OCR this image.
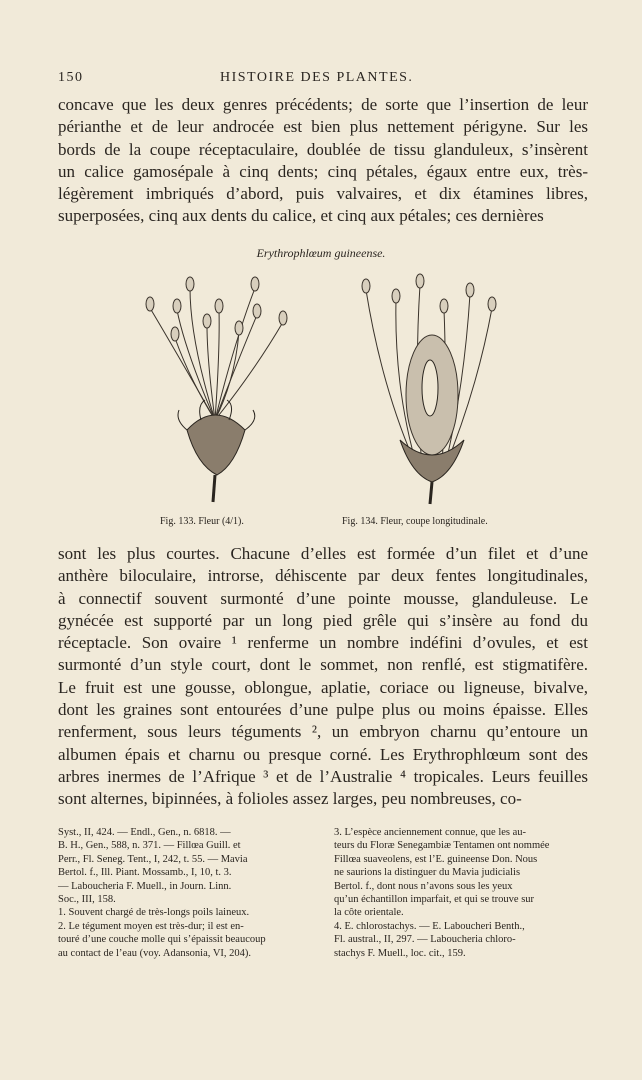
150	HISTOIRE DES PLANTES.
concave que les deux genres précédents; de sorte que l’insertion de leur
périanthe et de leur androcée est bien plus nettement périgyne. Sur les
bords de la coupe réceptaculaire, doublée de tissu glanduleux, s’insèrent
un calice gamosépale à cinq dents; cinq pétales, égaux entre eux, très-
légèrement imbriqués d’abord, puis valvaires, et dix étamines libres,
superposées, cinq aux dents du calice, et cinq aux pétales; ces dernières
Erythrophlœum guineense.
Fig. 133. Fleur (4/1).	Fig. 134. Fleur, coupe longitudinale.
sont les plus courtes. Chacune d’elles est formée d’un filet et d’une
anthère biloculaire, introrse, déhiscente par deux fentes longitudinales,
à connectif souvent surmonté d’une pointe mousse, glanduleuse. Le
gynécée est supporté par un long pied grêle qui s’insère au fond du
réceptacle. Son ovaire ¹ renferme un nombre indéfini d’ovules, et est
surmonté d’un style court, dont le sommet, non renflé, est stigmatifère.
Le fruit est une gousse, oblongue, aplatie, coriace ou ligneuse, bivalve,
dont les graines sont entourées d’une pulpe plus ou moins épaisse. Elles
renferment, sous leurs téguments ², un embryon charnu qu’entoure un
albumen épais et charnu ou presque corné. Les Erythrophlœum sont des
arbres inermes de l’Afrique ³ et de l’Australie ⁴ tropicales. Leurs feuilles
sont alternes, bipinnées, à folioles assez larges, peu nombreuses, co-
Syst., II, 424. — Endl., Gen., n. 6818. —
B. H., Gen., 588, n. 371. — Fillœa Guill. et
Perr., Fl. Seneg. Tent., I, 242, t. 55. — Mavia
Bertol. f., Ill. Piant. Mossamb., I, 10, t. 3.
— Laboucheria F. Muell., in Journ. Linn.
Soc., III, 158.
1. Souvent chargé de très-longs poils laineux.
2. Le tégument moyen est très-dur; il est en-
touré d’une couche molle qui s’épaissit beaucoup
au contact de l’eau (voy. Adansonia, VI, 204).
3. L’espèce anciennement connue, que les au-
teurs du Floræ Senegambiæ Tentamen ont nommée
Fillœa suaveolens, est l’E. guineense Don. Nous
ne saurions la distinguer du Mavia judicialis
Bertol. f., dont nous n’avons sous les yeux
qu’un échantillon imparfait, et qui se trouve sur
la côte orientale.
4. E. chlorostachys. — E. Laboucheri Benth.,
Fl. austral., II, 297. — Laboucheria chloro-
stachys F. Muell., loc. cit., 159.
